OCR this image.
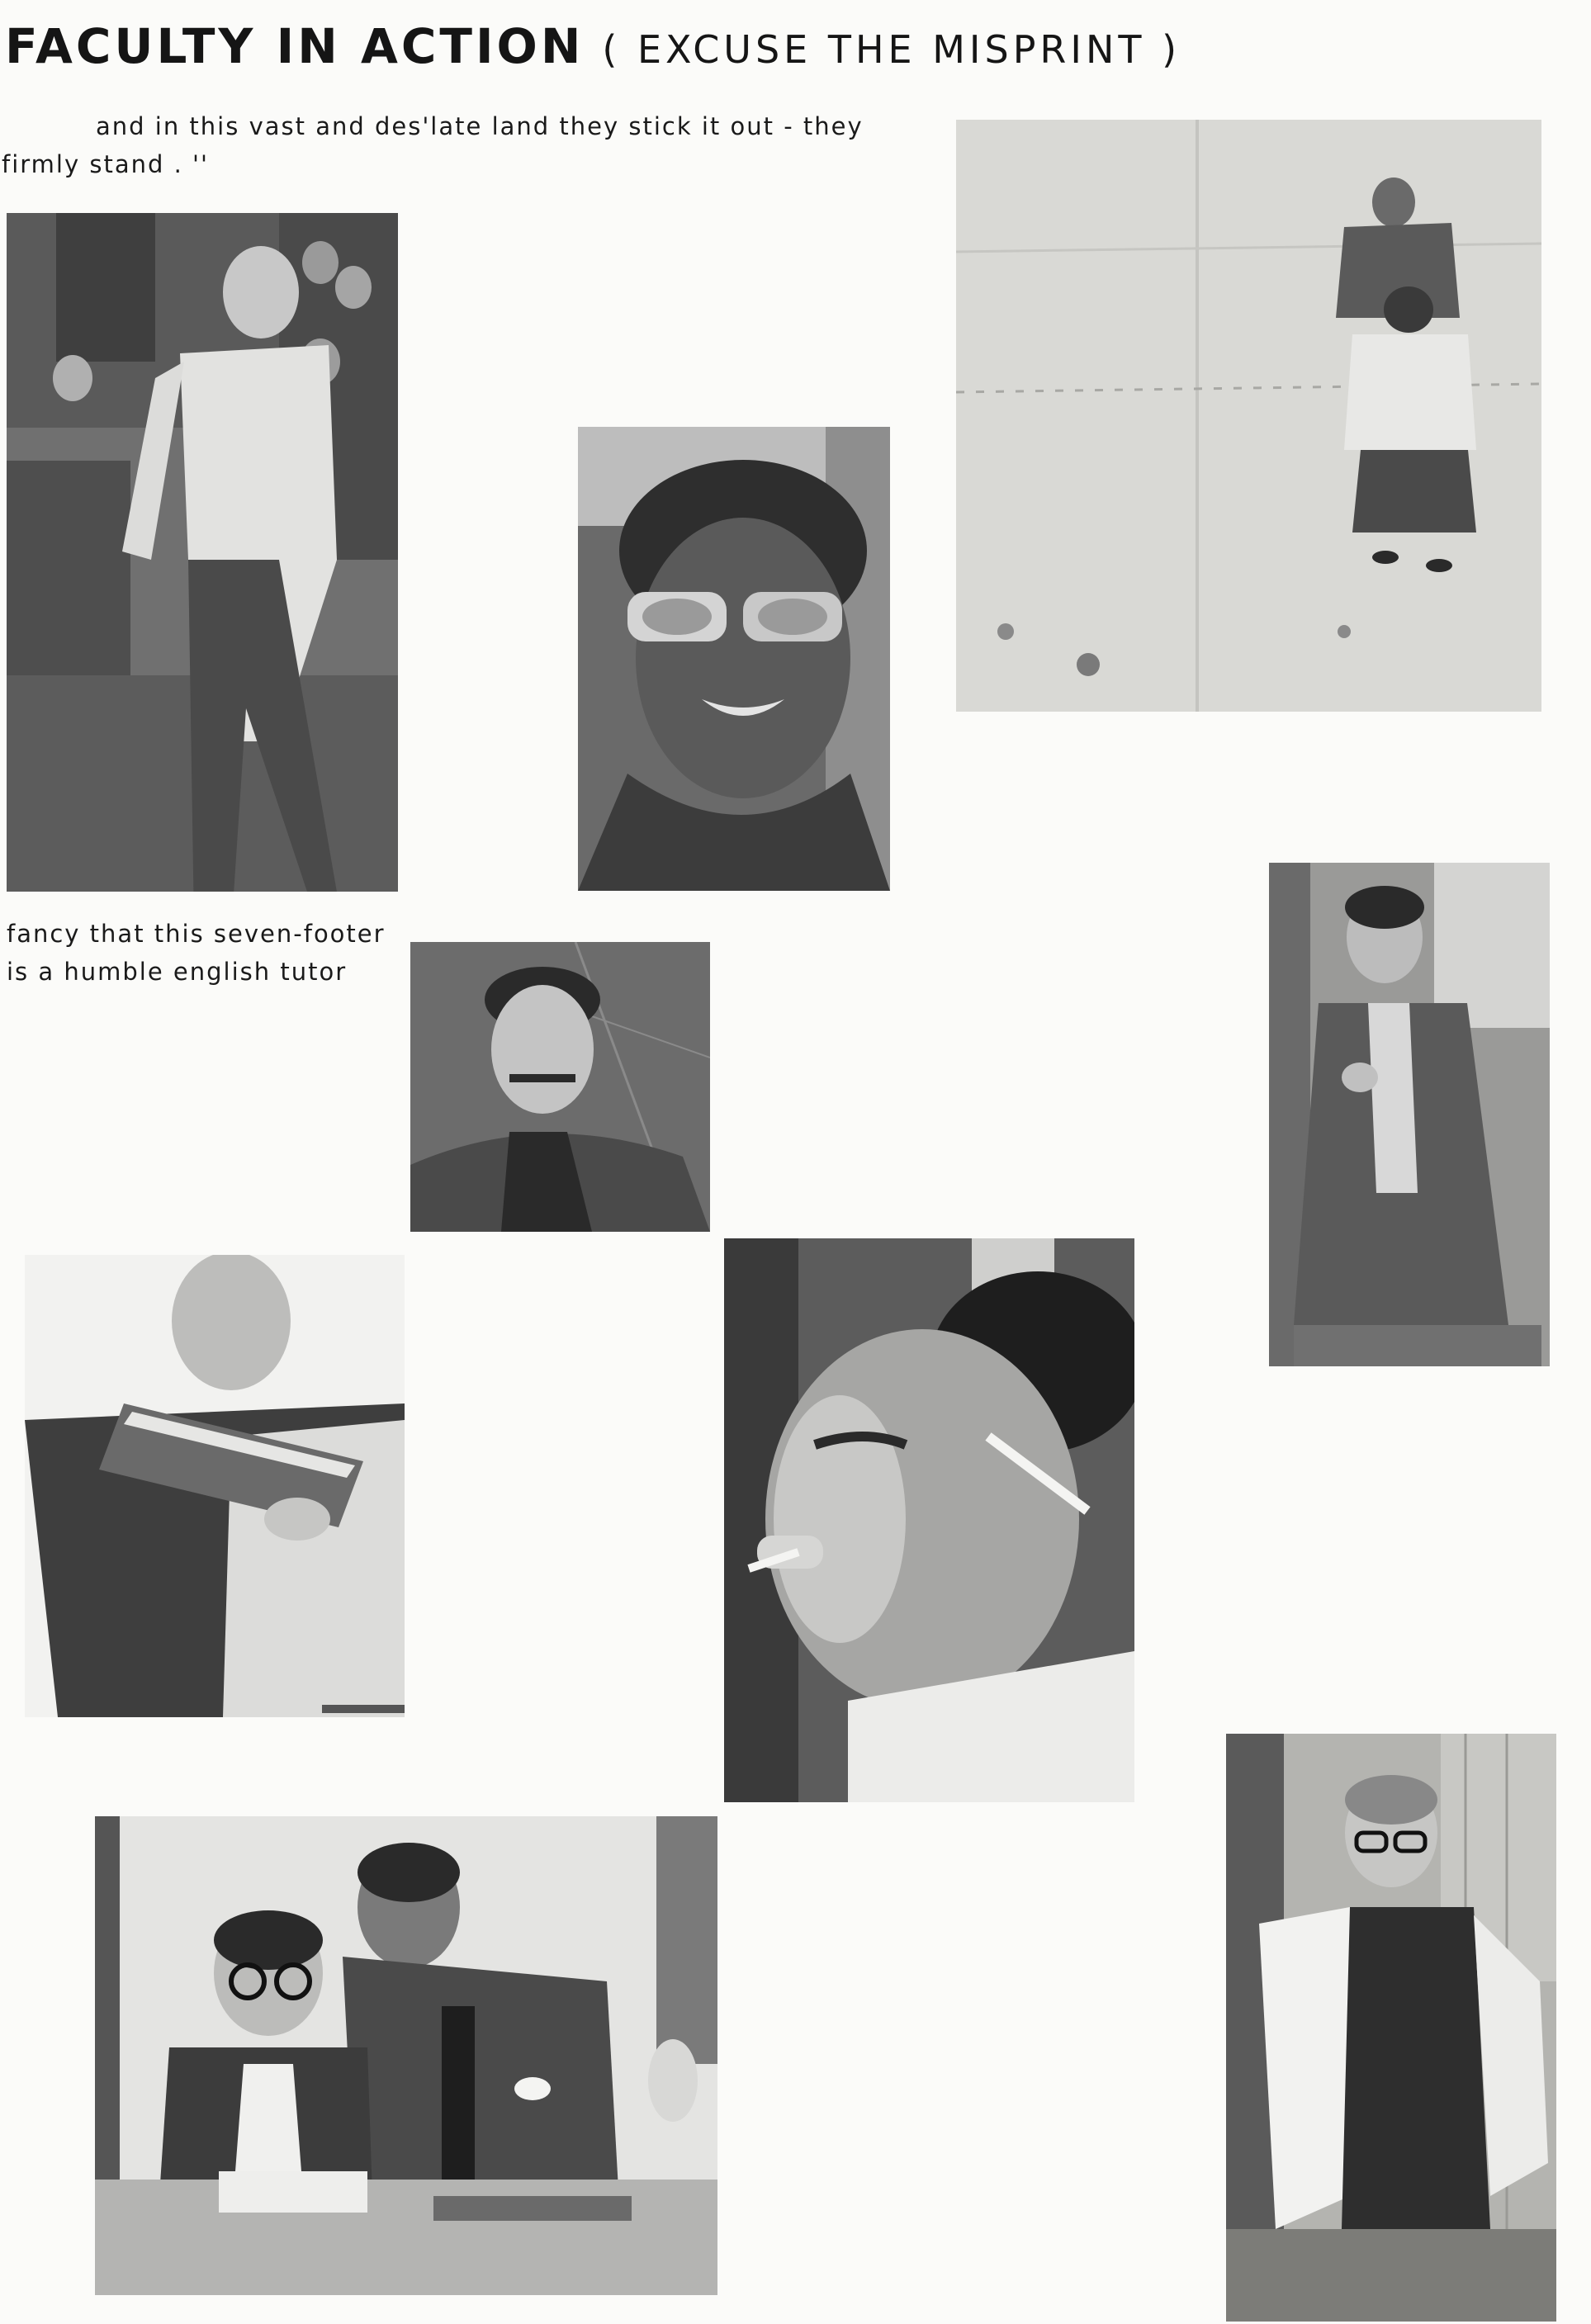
FACULTY IN ACTION ( EXCUSE THE MISPRINT )
and in this vast and des'late land they stick it out - they
firmly stand . ''
fancy that this seven-footer
is a humble english tutor
